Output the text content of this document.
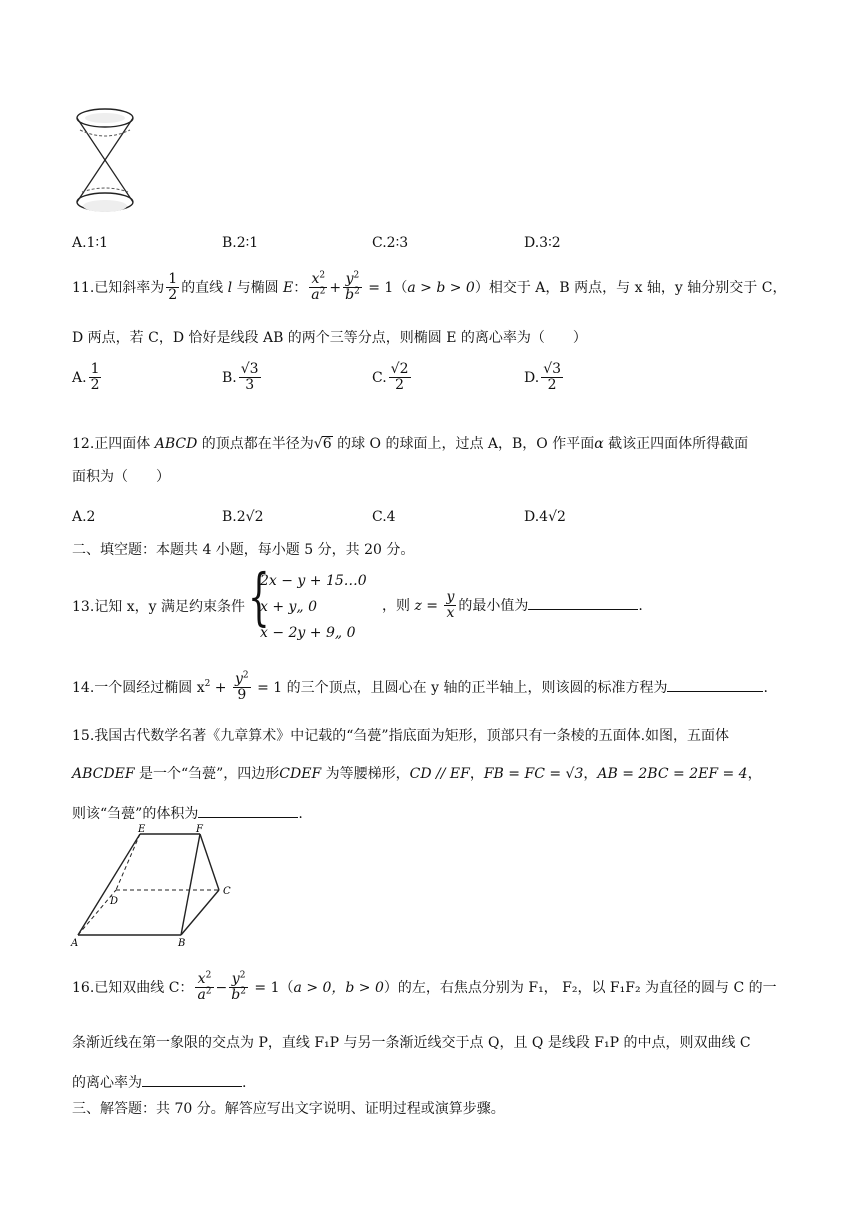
A.1∶1	B.2∶1	C.2∶3	D.3∶2
11.已知斜率为 $\frac{1}{2}$ 的直线 l 与椭圆 E： $\frac{x^2}{a^2} + \frac{y^2}{b^2} = 1(a > b > 0)$相交于 A，B 两点，与 x 轴，y 轴分别交于 C，
D 两点，若 C，D 恰好是线段 AB 的两个三等分点，则椭圆 E 的离心率为（　　）
A. $\frac{1}{2}$	B. $\frac{√3}{3}$	C. $\frac{√2}{2}$	D. $\frac{√3}{2}$
12.正四面体 ABCD 的顶点都在半径为√6 的球 O 的球面上，过点 A，B，O 作平面α 截该正四面体所得截面
面积为（　　）
A.2	B.2√2	C.4	D.4√2
二、填空题：本题共 4 小题，每小题 5 分，共 20 分。
13.记知 x，y 满足约束条件 {
2x − y + 15…0
x + y„ 0
x − 2y + 9„ 0
，则 $z = \frac{y}{x}$ 的最小值为	.
14.一个圆经过椭圆 $x^2 + \frac{y^2}{9} = 1$ 的三个顶点，且圆心在 y 轴的正半轴上，则该圆的标准方程为	.
15.我国古代数学名著《九章算术》中记载的“刍甍”指底面为矩形，顶部只有一条棱的五面体.如图，五面体
ABCDEF 是一个“刍甍”，四边形CDEF 为等腰梯形，CD // EF，FB = FC = √3，AB = 2BC = 2EF = 4，
则该“刍甍”的体积为	.
E	F
C
D
A	B
16.已知双曲线 C： $\frac{x^2}{a^2} - \frac{y^2}{b^2} = 1(a > 0$，b > 0）的左，右焦点分别为 F₁， F₂，以 F₁F₂ 为直径的圆与 C 的一
条渐近线在第一象限的交点为 P，直线 F₁P 与另一条渐近线交于点 Q，且 Q 是线段 F₁P 的中点，则双曲线 C
的离心率为	.
三、解答题：共 70 分。解答应写出文字说明、证明过程或演算步骤。
